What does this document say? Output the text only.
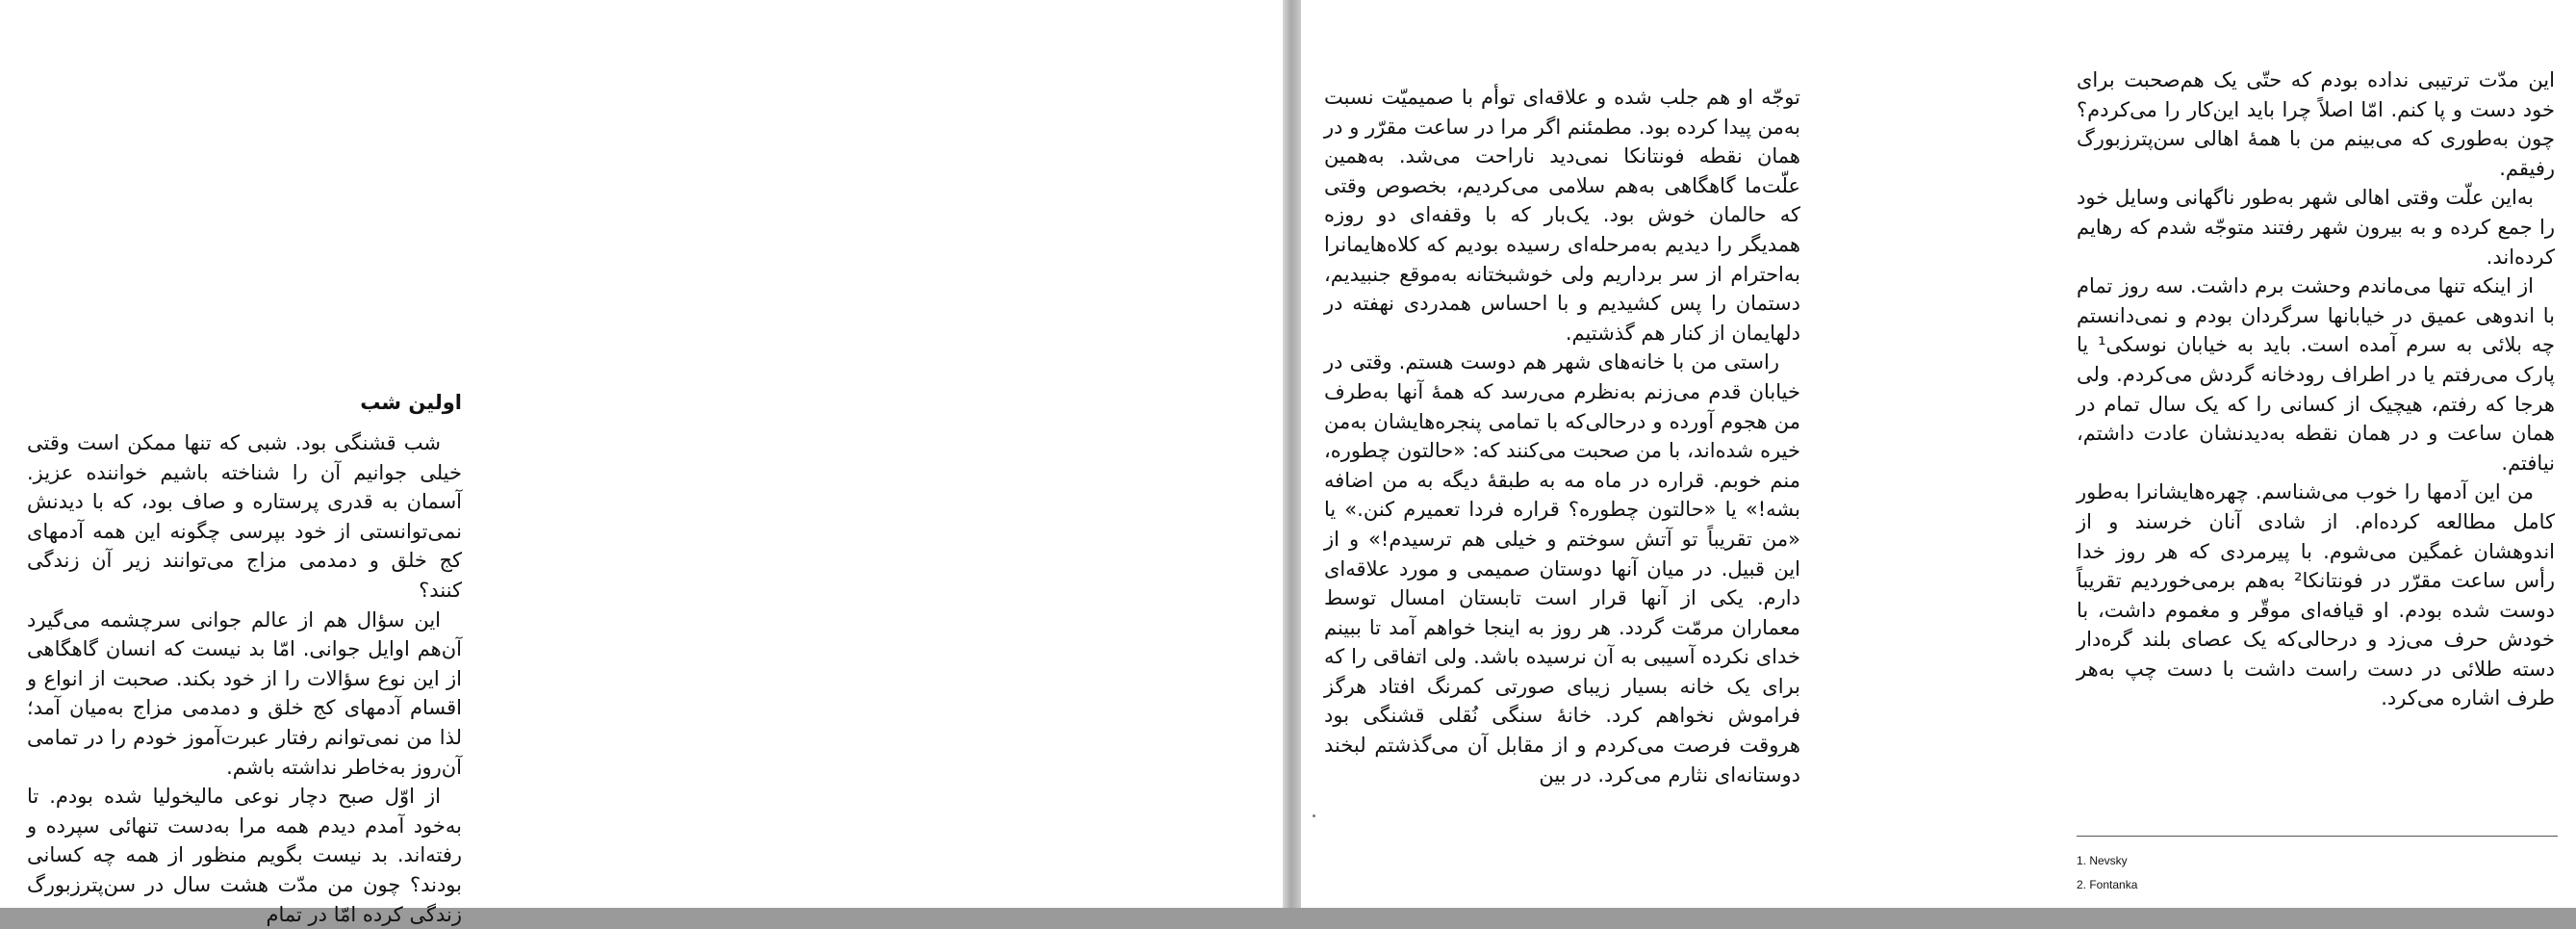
اولین شب

شب قشنگی بود. شبی که تنها ممکن است وقتی خیلی جوانیم آن را شناخته باشیم خواننده عزیز. آسمان به قدری پرستاره و صاف بود، که با دیدنش نمی‌توانستی از خود بپرسی چگونه این همه آدمهای کج خلق و دمدمی مزاج می‌توانند زیر آن زندگی کنند؟

این سؤال هم از عالم جوانی سرچشمه می‌گیرد آن‌هم اوایل جوانی. امّا بد نیست که انسان گاهگاهی از این نوع سؤالات را از خود بکند. صحبت از انواع و اقسام آدمهای کج خلق و دمدمی مزاج به‌میان آمد؛ لذا من نمی‌توانم رفتار عبرت‌آموز خودم را در تمامی آن‌روز به‌خاطر نداشته باشم.

از اوّل صبح دچار نوعی مالیخولیا شده بودم. تا به‌خود آمدم دیدم همه مرا به‌دست تنهائی سپرده و رفته‌اند. بد نیست بگویم منظور از همه چه کسانی بودند؟ چون من مدّت هشت سال در سن‌پترزبورگ زندگی کرده امّا در تمام

توجّه او هم جلب شده و علاقه‌ای توأم با صمیمیّت نسبت به‌من پیدا کرده بود. مطمئنم اگر مرا در ساعت مقرّر و در همان نقطه فونتانکا نمی‌دید ناراحت می‌شد. به‌همین علّت‌ما گاهگاهی به‌هم سلامی می‌کردیم، بخصوص وقتی که حالمان خوش بود. یک‌بار که با وقفه‌ای دو روزه همدیگر را دیدیم به‌مرحله‌ای رسیده بودیم که کلاه‌هایمانرا به‌احترام از سر برداریم ولی خوشبختانه به‌موقع جنبیدیم، دستمان را پس کشیدیم و با احساس همدردی نهفته در دلهایمان از کنار هم گذشتیم.

راستی من با خانه‌های شهر هم دوست هستم. وقتی در خیابان قدم می‌زنم به‌نظرم می‌رسد که همهٔ آنها به‌طرف من هجوم آورده و درحالی‌که با تمامی پنجره‌هایشان به‌من خیره شده‌اند، با من صحبت می‌کنند که: «حالتون چطوره، منم خوبم. قراره در ماه مه به طبقهٔ دیگه به من اضافه بشه!» یا «حالتون چطوره؟ قراره فردا تعمیرم کنن.» یا «من تقریباً تو آتش سوختم و خیلی هم ترسیدم!» و از این قبیل. در میان آنها دوستان صمیمی و مورد علاقه‌ای دارم. یکی از آنها قرار است تابستان امسال توسط معماران مرمّت گردد. هر روز به اینجا خواهم آمد تا ببینم خدای نکرده آسیبی به آن نرسیده باشد. ولی اتفاقی را که برای یک خانه بسیار زیبای صورتی کمرنگ افتاد هرگز فراموش نخواهم کرد. خانهٔ سنگی نُقلی قشنگی بود هروقت فرصت می‌کردم و از مقابل آن می‌گذشتم لبخند دوستانه‌ای نثارم می‌کرد. در بین

این مدّت ترتیبی نداده بودم که حتّی یک هم‌صحبت برای خود دست و پا کنم. امّا اصلاً چرا باید این‌کار را می‌کردم؟ چون به‌طوری که می‌بینم من با همهٔ اهالی سن‌پترزبورگ رفیقم.

به‌این علّت وقتی اهالی شهر به‌طور ناگهانی وسایل خود را جمع کرده و به بیرون شهر رفتند متوجّه شدم که رهایم کرده‌اند.

از اینکه تنها می‌ماندم وحشت برم داشت. سه روز تمام با اندوهی عمیق در خیابانها سرگردان بودم و نمی‌دانستم چه بلائی به سرم آمده است. باید به خیابان نوسکی¹ یا پارک می‌رفتم یا در اطراف رودخانه گردش می‌کردم. ولی هرجا که رفتم، هیچیک از کسانی را که یک سال تمام در همان ساعت و در همان نقطه به‌دیدنشان عادت داشتم، نیافتم.

من این آدمها را خوب می‌شناسم. چهره‌هایشانرا به‌طور کامل مطالعه کرده‌ام. از شادی آنان خرسند و از اندوهشان غمگین می‌شوم. با پیرمردی که هر روز خدا رأس ساعت مقرّر در فونتانکا² به‌هم برمی‌خوردیم تقریباً دوست شده بودم. او قیافه‌ای موقّر و مغموم داشت، با خودش حرف می‌زد و درحالی‌که یک عصای بلند گره‌دار دسته طلائی در دست راست داشت با دست چپ به‌هر طرف اشاره می‌کرد.

1. Nevsky
2. Fontanka
